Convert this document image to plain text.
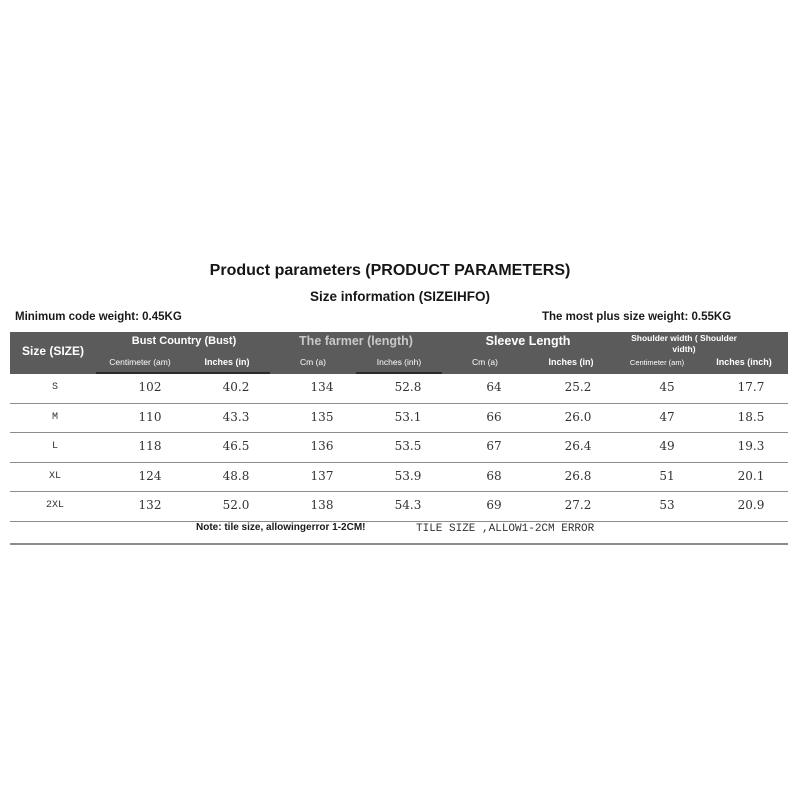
Product parameters (PRODUCT PARAMETERS)
Size information (SIZEIHFO)
Minimum code weight: 0.45KG	The most plus size weight: 0.55KG
Size (SIZE)
Bust Country (Bust)	The farmer (length)	Sleeve Length	Shoulder width ( Shoulder vidth)
Centimeter (am)	Inches (in)	Cm (a)	Inches (inh)	Cm (a)	Inches (in)	Centimeter (am)	Inches (inch)
S	102	40.2	134	52.8	64	25.2	45	17.7
M	110	43.3	135	53.1	66	26.0	47	18.5
L	118	46.5	136	53.5	67	26.4	49	19.3
XL	124	48.8	137	53.9	68	26.8	51	20.1
2XL	132	52.0	138	54.3	69	27.2	53	20.9
Note: tile size, allowingerror 1-2CM!	TILE SIZE ,ALLOW1-2CM ERROR
